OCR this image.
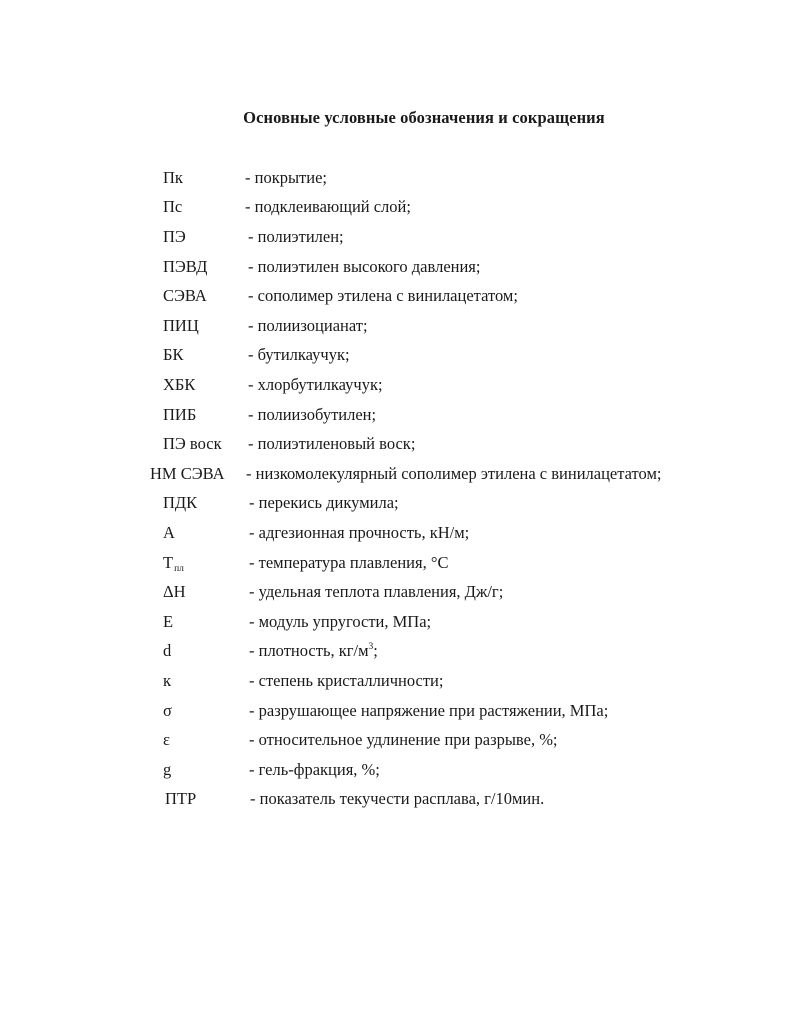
Основные условные обозначения и сокращения
Пк	- покрытие;
Пс	- подклеивающий слой;
ПЭ	- полиэтилен;
ПЭВД - полиэтилен высокого давления;
СЭВА - сополимер этилена с винилацетатом;
ПИЦ	- полиизоцианат;
БК	- бутилкаучук;
ХБК	- хлорбутилкаучук;
ПИБ	- полиизобутилен;
ПЭ воск - полиэтиленовый воск;
НМ СЭВА - низкомолекулярный сополимер этилена с винилацетатом;
ПДК	- перекись дикумила;
А	- адгезионная прочность, кН/м;
Тпл	- температура плавления, °С
ΔН	- удельная теплота плавления, Дж/г;
Е	- модуль упругости, МПа;
d	- плотность, $кг/м^3$;
к	- степень кристалличности;
σ	- разрушающее напряжение при растяжении, МПа;
ε	- относительное удлинение при разрыве, %;
g	- гель-фракция, %;
ПТР	- показатель текучести расплава, г/10мин.
